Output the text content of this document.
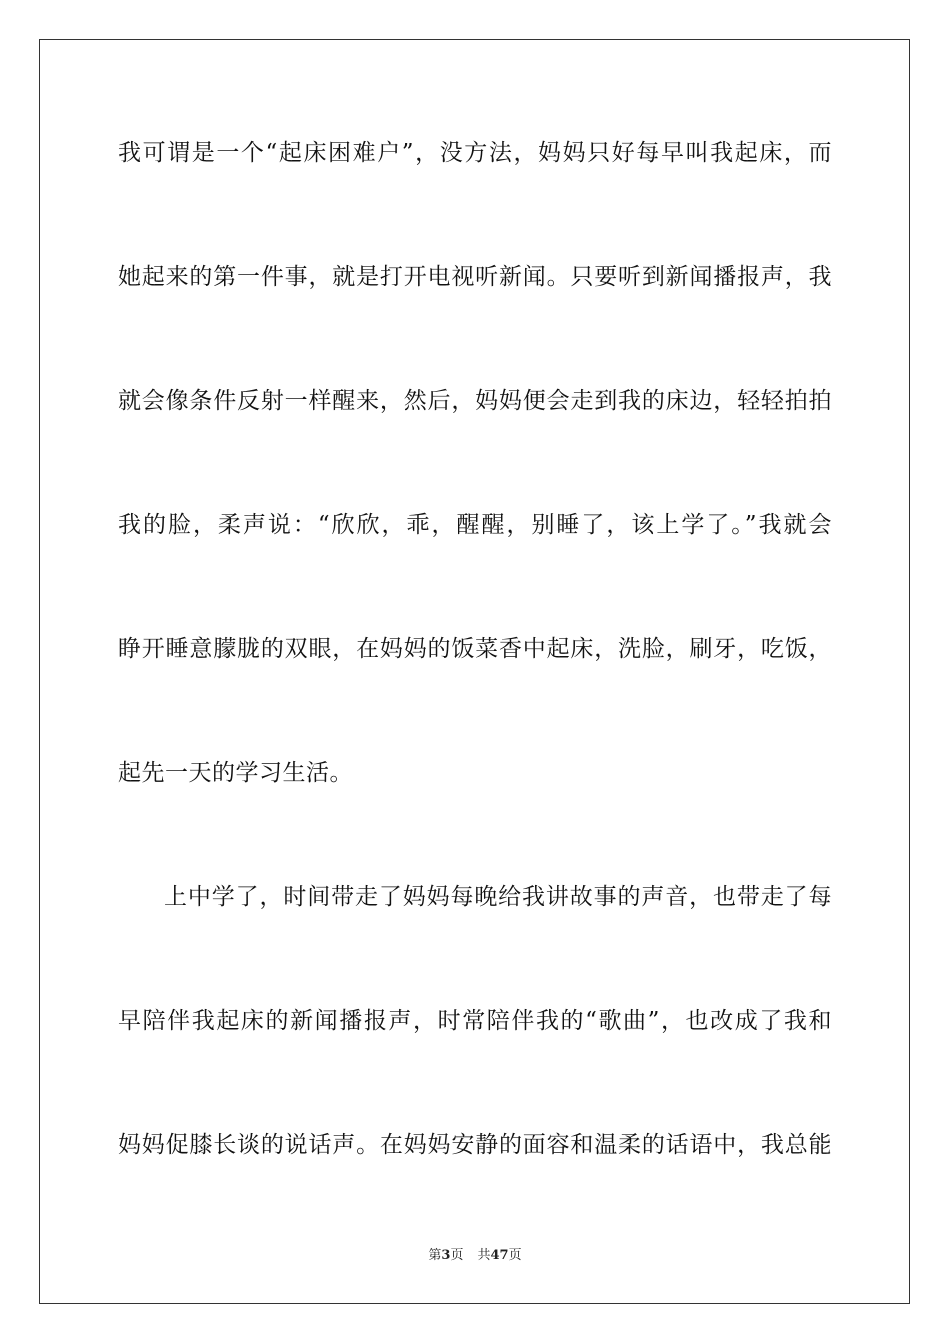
我可谓是一个“起床困难户”，没方法，妈妈只好每早叫我起床，而
她起来的第一件事，就是打开电视听新闻。只要听到新闻播报声，我
就会像条件反射一样醒来，然后，妈妈便会走到我的床边，轻轻拍拍
我的脸，柔声说：“欣欣，乖，醒醒，别睡了，该上学了。”我就会
睁开睡意朦胧的双眼，在妈妈的饭菜香中起床，洗脸，刷牙，吃饭，
起先一天的学习生活。
上中学了，时间带走了妈妈每晚给我讲故事的声音，也带走了每
早陪伴我起床的新闻播报声，时常陪伴我的“歌曲”，也改成了我和
妈妈促膝长谈的说话声。在妈妈安静的面容和温柔的话语中，我总能
第3页 共47页
